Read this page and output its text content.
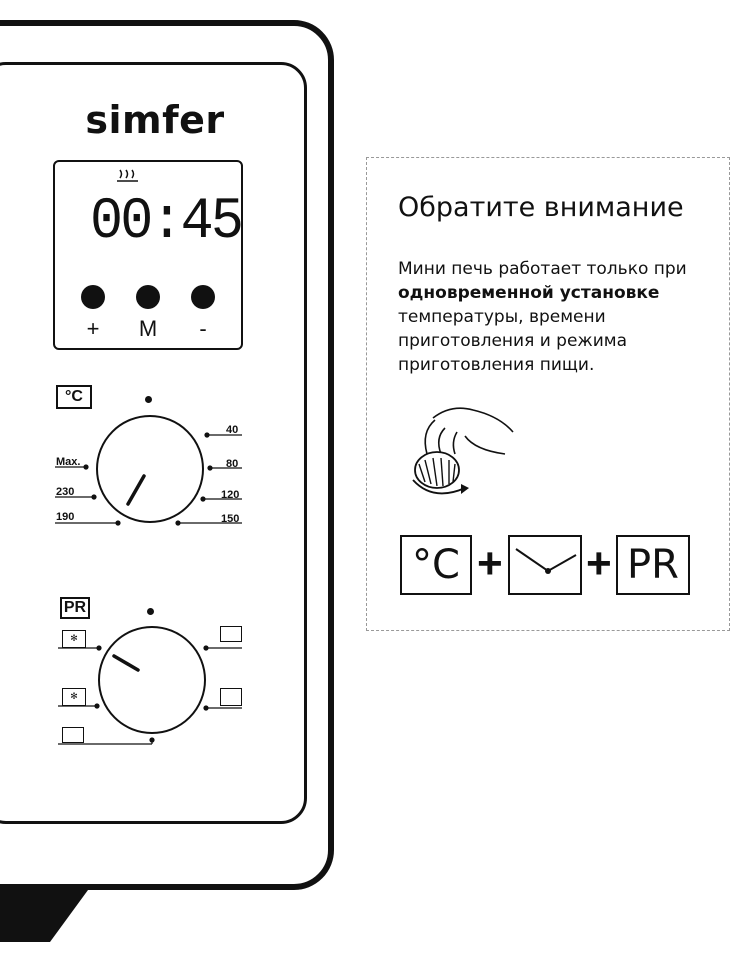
simfer
00:45
+	M	-
°C
Max.
230
190
40
80
120
150
PR
✻
✻
Обратите внимание
Мини печь работает только при
одновременной установке
температуры, времени приготовления и режима приготовления пищи.
°C + + PR
